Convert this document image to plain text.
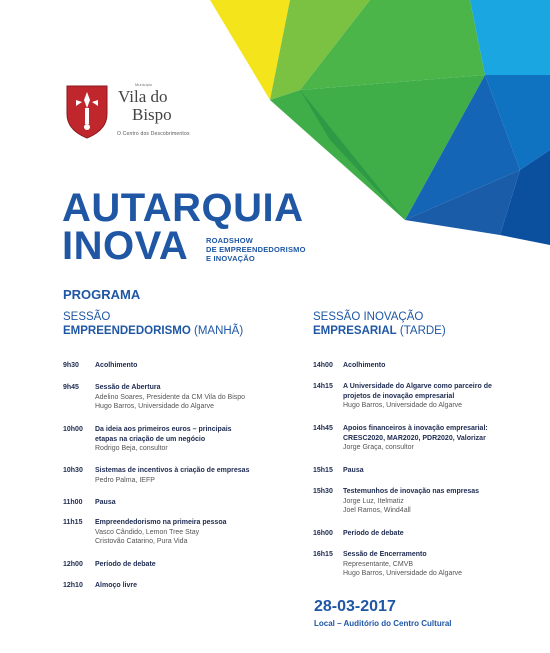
Município
Vila do
Bispo
O Centro dos Descobrimentos
AUTARQUIA
INOVA ROADSHOW
DE EMPREENDEDORISMO
E INOVAÇÃO
PROGRAMA
SESSÃO
EMPREENDEDORISMO (MANHÃ)
SESSÃO INOVAÇÃO
EMPRESARIAL (TARDE)
9h30 Acolhimento
9h45 Sessão de Abertura
Adelino Soares, Presidente da CM Vila do Bispo
Hugo Barros, Universidade do Algarve
10h00 Da ideia aos primeiros euros – principais
etapas na criação de um negócio
Rodrigo Beja, consultor
10h30 Sistemas de incentivos à criação de empresas
Pedro Palma, IEFP
11h00 Pausa
11h15 Empreendedorismo na primeira pessoa
Vasco Cândido, Lemon Tree Stay
Cristovão Catarino, Pura Vida
12h00 Período de debate
12h10 Almoço livre
14h00 Acolhimento
14h15 A Universidade do Algarve como parceiro de
projetos de inovação empresarial
Hugo Barros, Universidade do Algarve
14h45 Apoios financeiros à inovação empresarial:
CRESC2020, MAR2020, PDR2020, Valorizar
Jorge Graça, consultor
15h15 Pausa
15h30 Testemunhos de inovação nas empresas
Jorge Luz, Itelmatiz
Joel Ramos, Wind4all
16h00 Período de debate
16h15 Sessão de Encerramento
Representante, CMVB
Hugo Barros, Universidade do Algarve
28-03-2017
Local – Auditório do Centro Cultural
